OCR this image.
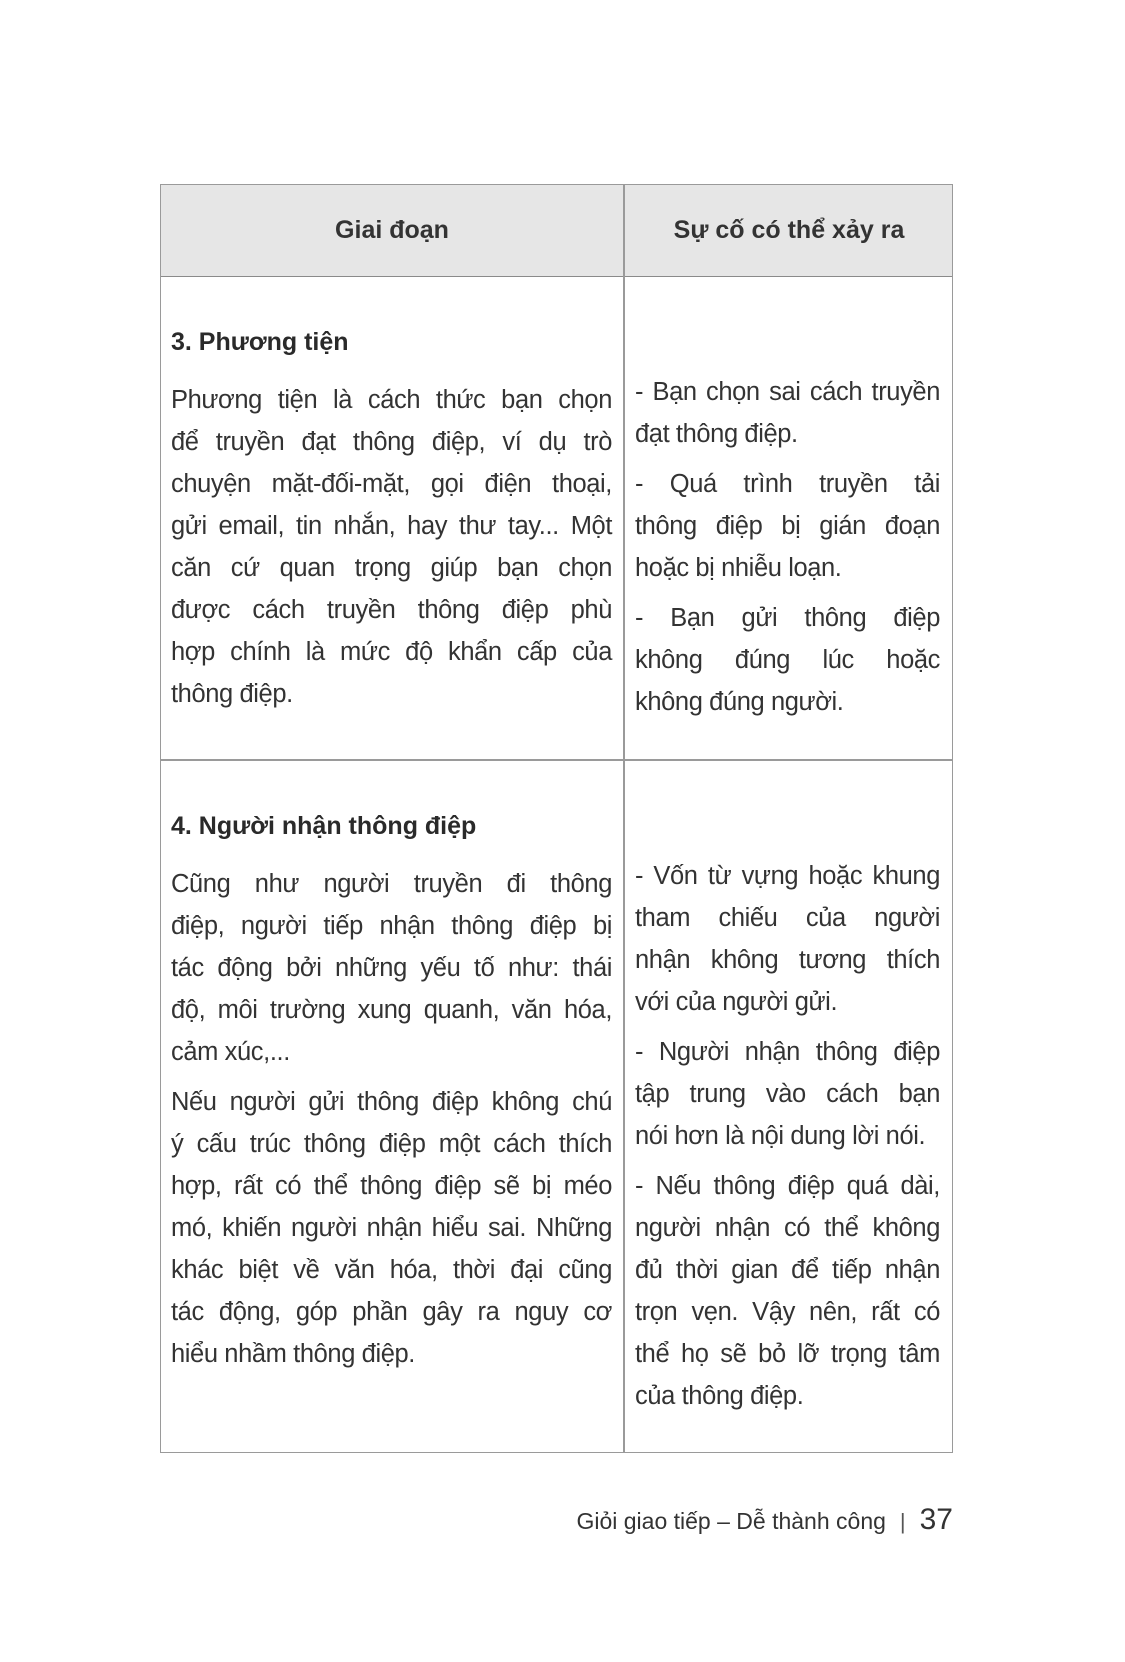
Giai đoạn	Sự cố có thể xảy ra
3. Phương tiện
Phương tiện là cách thức bạn chọn
để truyền đạt thông điệp, ví dụ trò
chuyện mặt-đối-mặt, gọi điện thoại,
gửi email, tin nhắn, hay thư tay... Một
căn cứ quan trọng giúp bạn chọn
được cách truyền thông điệp phù
hợp chính là mức độ khẩn cấp của
thông điệp.
- Bạn chọn sai cách truyền
đạt thông điệp.
- Quá trình truyền tải
thông điệp bị gián đoạn
hoặc bị nhiễu loạn.
- Bạn gửi thông điệp
không đúng lúc hoặc
không đúng người.
4. Người nhận thông điệp
Cũng như người truyền đi thông
điệp, người tiếp nhận thông điệp bị
tác động bởi những yếu tố như: thái
độ, môi trường xung quanh, văn hóa,
cảm xúc,...
Nếu người gửi thông điệp không chú
ý cấu trúc thông điệp một cách thích
hợp, rất có thể thông điệp sẽ bị méo
mó, khiến người nhận hiểu sai. Những
khác biệt về văn hóa, thời đại cũng
tác động, góp phần gây ra nguy cơ
hiểu nhầm thông điệp.
- Vốn từ vựng hoặc khung
tham chiếu của người
nhận không tương thích
với của người gửi.
- Người nhận thông điệp
tập trung vào cách bạn
nói hơn là nội dung lời nói.
- Nếu thông điệp quá dài,
người nhận có thể không
đủ thời gian để tiếp nhận
trọn vẹn. Vậy nên, rất có
thể họ sẽ bỏ lỡ trọng tâm
của thông điệp.
Giỏi giao tiếp – Dễ thành công | 37
